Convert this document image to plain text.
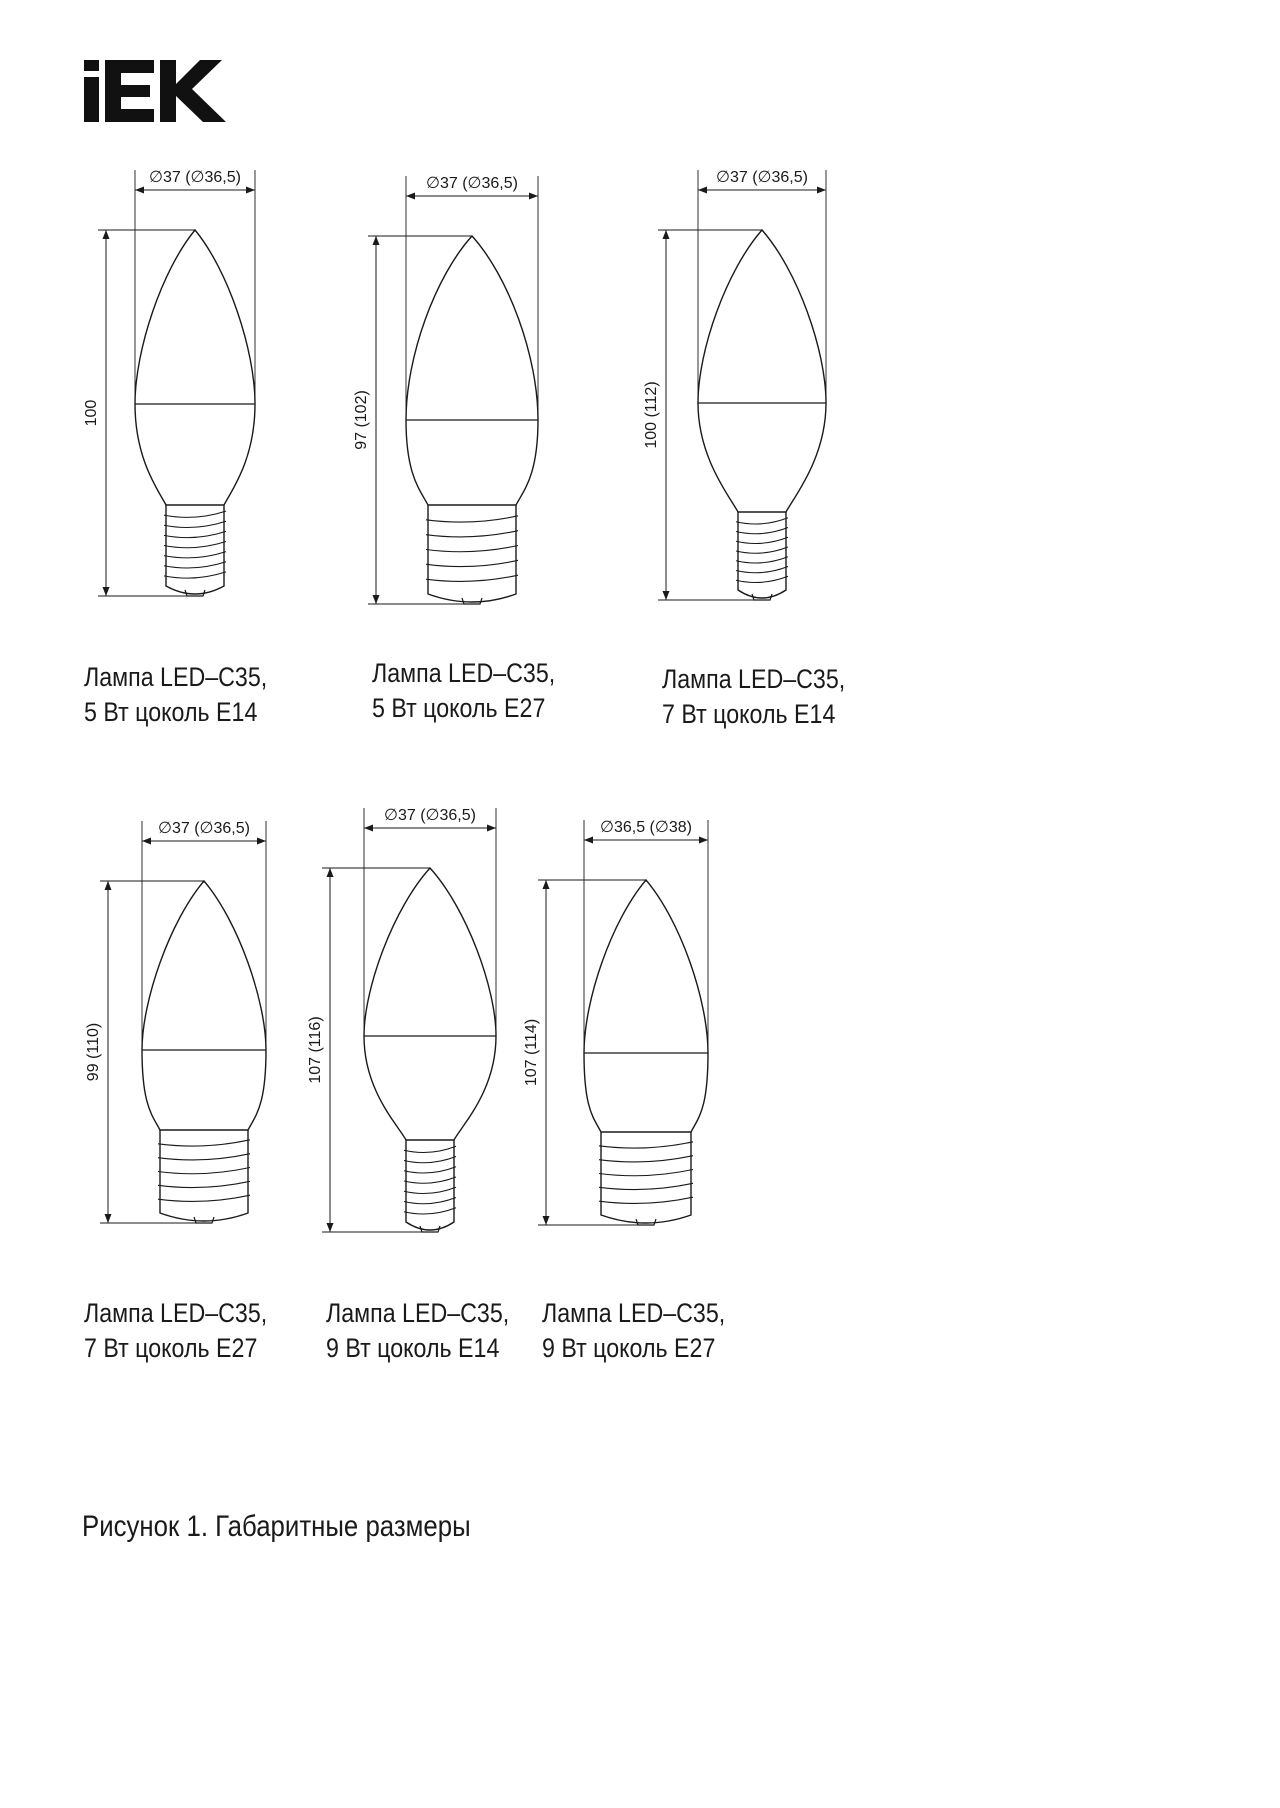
∅37 (∅36,5)
100
∅37 (∅36,5)
97 (102)
∅37 (∅36,5)
100 (112)
∅37 (∅36,5)
99 (110)
∅37 (∅36,5)
107 (116)
∅36,5 (∅38)
107 (114)
Лампа LED–C35,
5 Вт цоколь E14
Лампа LED–C35,
5 Вт цоколь E27
Лампа LED–C35,
7 Вт цоколь E14
Лампа LED–C35,
7 Вт цоколь E27
Лампа LED–C35,
9 Вт цоколь E14
Лампа LED–C35,
9 Вт цоколь E27
Рисунок 1. Габаритные размеры
